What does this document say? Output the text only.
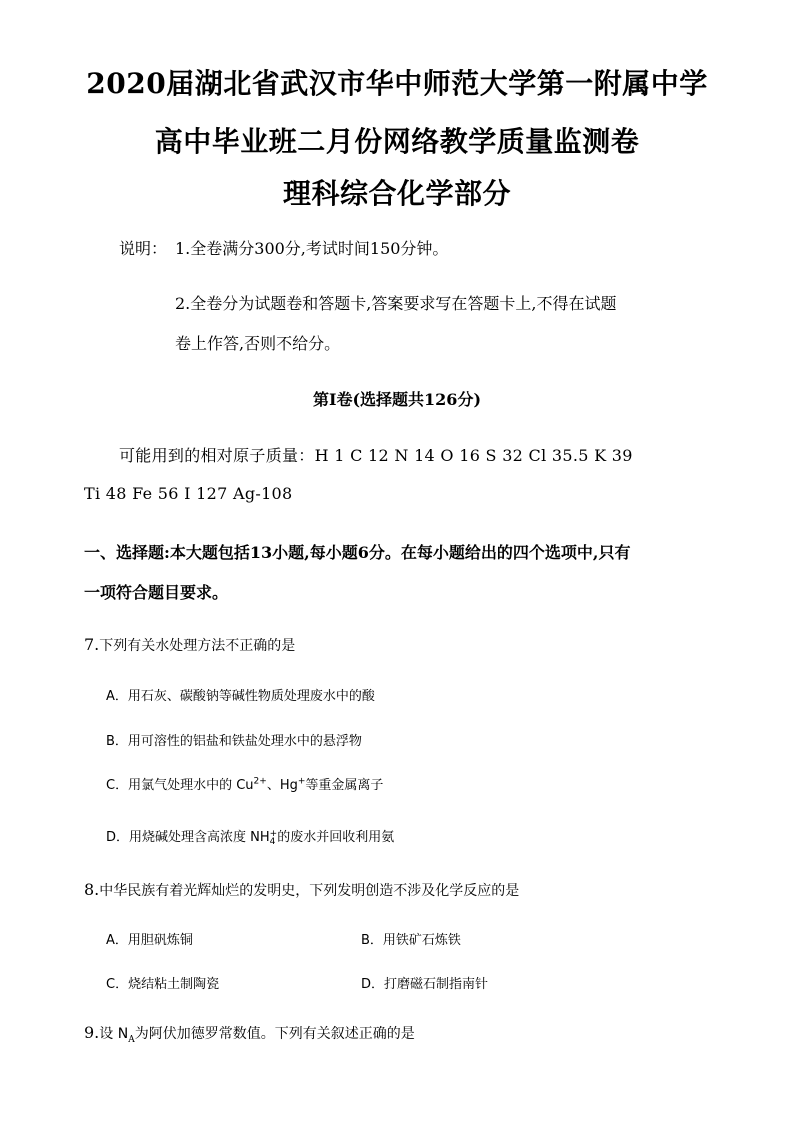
2020届湖北省武汉市华中师范大学第一附属中学
高中毕业班二月份网络教学质量监测卷
理科综合化学部分
说明： 1.全卷满分300分,考试时间150分钟。
2.全卷分为试题卷和答题卡,答案要求写在答题卡上,不得在试题
卷上作答,否则不给分。
第Ⅰ卷(选择题共126分)
可能用到的相对原子质量：H 1 C 12 N 14 O 16 S 32 Cl 35.5 K 39
Ti 48 Fe 56 I 127 Ag-108
一、选择题:本大题包括13小题,每小题6分。在每小题给出的四个选项中,只有
一项符合题目要求。
7.下列有关水处理方法不正确的是
A．用石灰、碳酸钠等碱性物质处理废水中的酸
B．用可溶性的铝盐和铁盐处理水中的悬浮物
C．用氯气处理水中的 $Cu^{2+}$、Hg+等重金属离子
D．用烧碱处理含高浓度 NH +
4 的废水并回收利用氨
8.中华民族有着光辉灿烂的发明史，下列发明创造不涉及化学反应的是
A．用胆矾炼铜	B．用铁矿石炼铁
C．烧结粘土制陶瓷	D．打磨磁石制指南针
9.设 $N_A$为阿伏加德罗常数值。下列有关叙述正确的是
